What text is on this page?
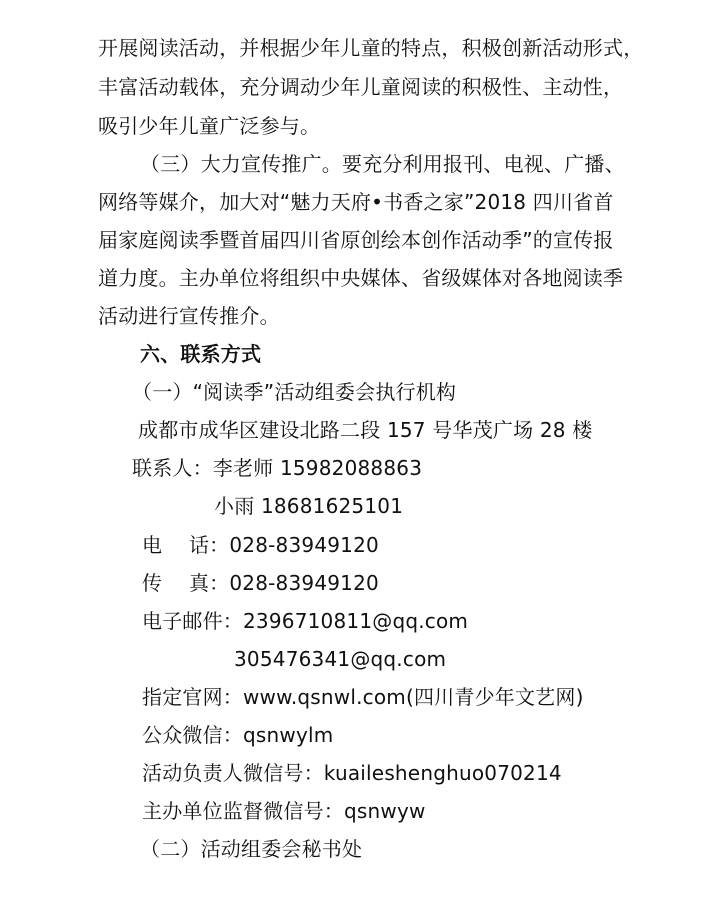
开展阅读活动，并根据少年儿童的特点，积极创新活动形式，
丰富活动载体，充分调动少年儿童阅读的积极性、主动性，
吸引少年儿童广泛参与。
（三）大力宣传推广。要充分利用报刊、电视、广播、
网络等媒介，加大对“魅力天府•书香之家”2018 四川省首
届家庭阅读季暨首届四川省原创绘本创作活动季”的宣传报
道力度。主办单位将组织中央媒体、省级媒体对各地阅读季
活动进行宣传推介。
六、联系方式
（一）“阅读季”活动组委会执行机构
成都市成华区建设北路二段 157 号华茂广场 28 楼
联系人：李老师 15982088863
小雨 18681625101
电　 话：028-83949120
传　 真：028-83949120
电子邮件：2396710811@qq.com
305476341@qq.com
指定官网：www.qsnwl.com(四川青少年文艺网)
公众微信：qsnwylm
活动负责人微信号：kuaileshenghuo070214
主办单位监督微信号：qsnwyw
（二）活动组委会秘书处
